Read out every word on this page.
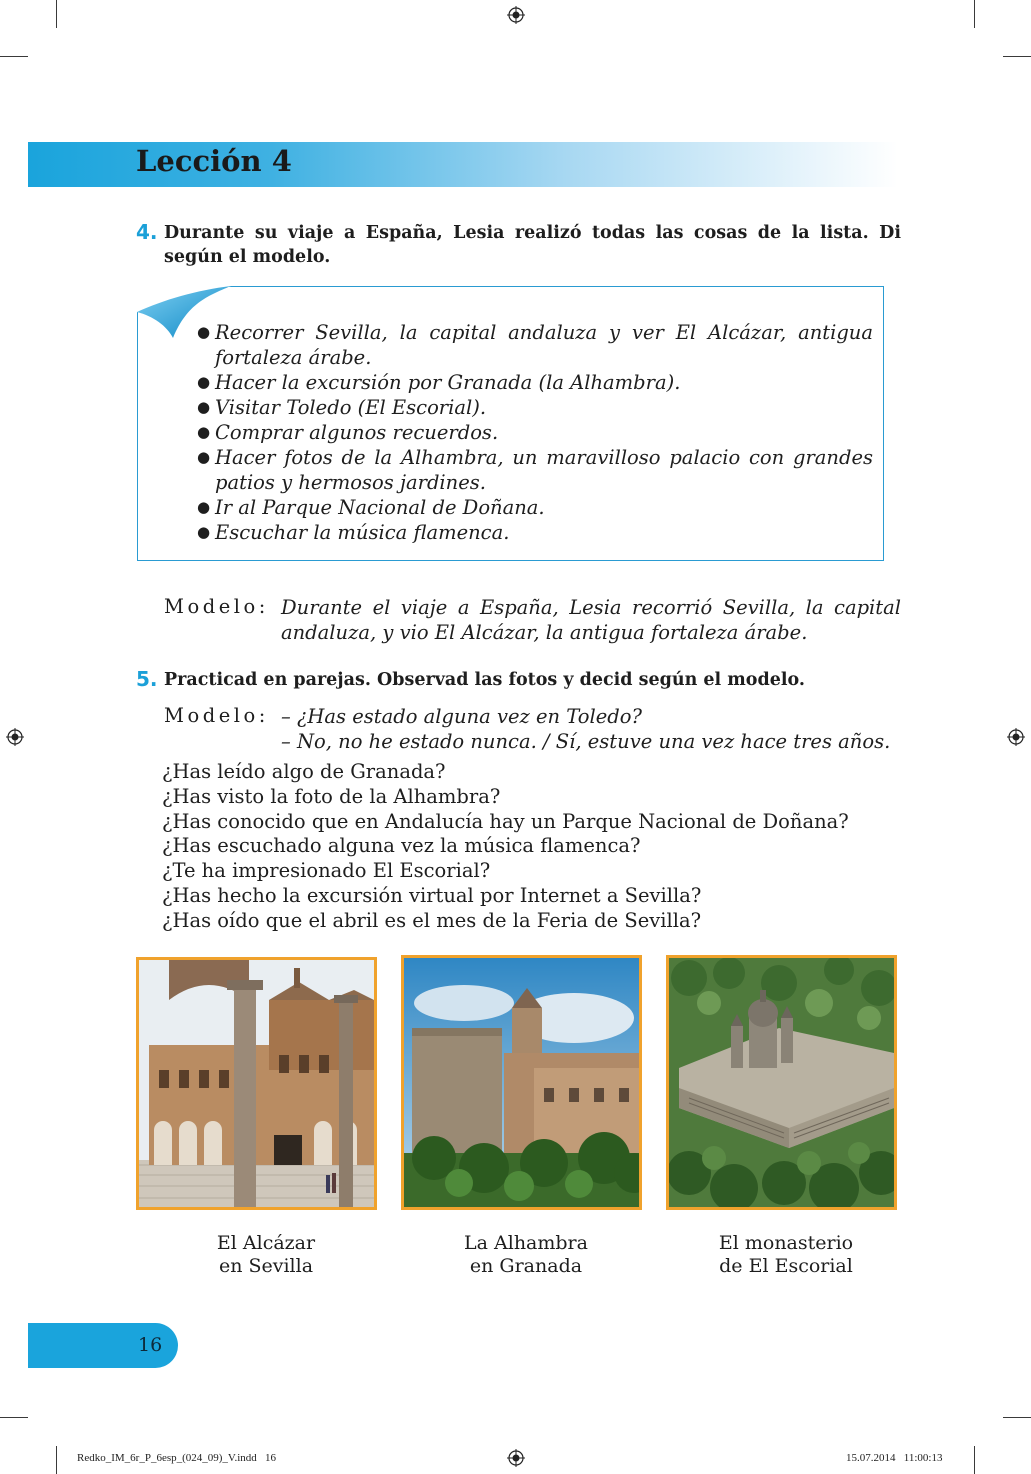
Lección 4
4. Durante su viaje a España, Lesia realizó todas las cosas de la lista. Di según el modelo.
● Recorrer Sevilla, la capital andaluza y ver El Alcázar, antigua fortaleza árabe.
● Hacer la excursión por Granada (la Alhambra).
● Visitar Toledo (El Escorial).
● Comprar algunos recuerdos.
● Hacer fotos de la Alhambra, un maravilloso palacio con grandes patios y hermosos jardines.
● Ir al Parque Nacional de Doñana.
● Escuchar la música flamenca.
Modelo: Durante el viaje a España, Lesia recorrió Sevilla, la capital andaluza, y vio El Alcázar, la antigua fortaleza árabe.
5. Practicad en parejas. Observad las fotos y decid según el modelo.
Modelo: – ¿Has estado alguna vez en Toledo?
– No, no he estado nunca. / Sí, estuve una vez hace tres años.
¿Has leído algo de Granada?
¿Has visto la foto de la Alhambra?
¿Has conocido que en Andalucía hay un Parque Nacional de Doñana?
¿Has escuchado alguna vez la música flamenca?
¿Te ha impresionado El Escorial?
¿Has hecho la excursión virtual por Internet a Sevilla?
¿Has oído que el abril es el mes de la Feria de Sevilla?
El Alcázar
en Sevilla
La Alhambra
en Granada
El monasterio
de El Escorial
16
Redko_IM_6r_P_6esp_(024_09)_V.indd   16	15.07.2014   11:00:13
